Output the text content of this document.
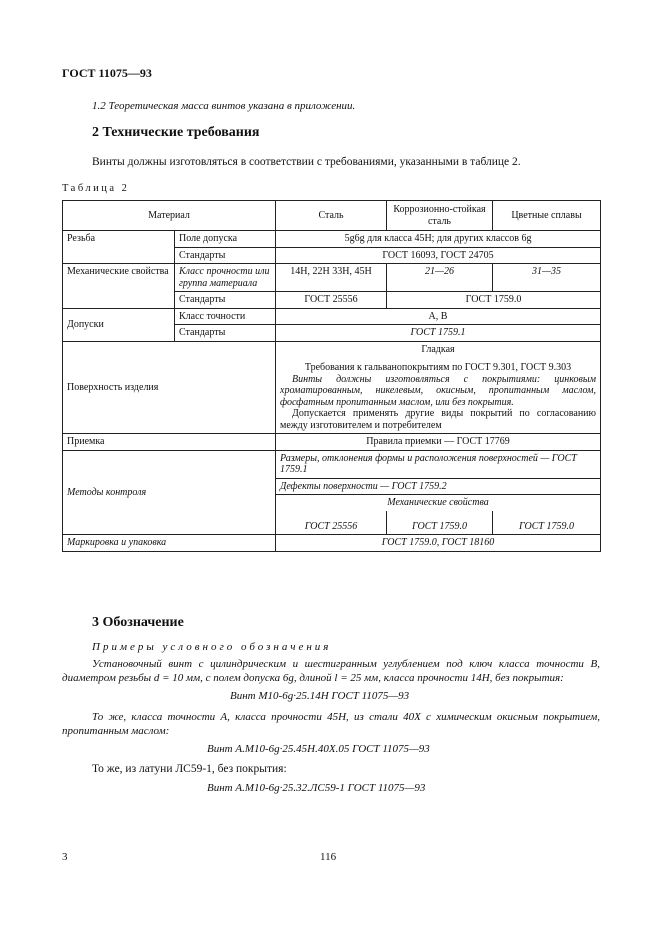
ГОСТ 11075—93
1.2 Теоретическая масса винтов указана в приложении.
2 Технические требования
Винты должны изготовляться в соответствии с требованиями, указанными в таблице 2.
Таблица 2
Материал		Сталь	Коррозионно-стойкая сталь	Цветные сплавы
Резьба	Поле допуска	5g6g для класса 45H; для других классов 6g		
	Стандарты	ГОСТ 16093, ГОСТ 24705		
Механические свойства	Класс прочности или группа материала	14H, 22H 33H, 45H	21—26	31—35
	Стандарты	ГОСТ 25556	ГОСТ 1759.0	
Допуски	Класс точности	А, В		
	Стандарты	ГОСТ 1759.1		
Поверхность изделия		Гладкая
Требования к гальванопокрытиям по ГОСТ 9.301, ГОСТ 9.303
Винты должны изготовляться с покрытиями: цинковым хроматированным, никелевым, окисным, пропитанным маслом, фосфатным пропитанным маслом, или без покрытия.
Допускается применять другие виды покрытий по согласованию между изготовителем и потребителем		

Приемка		Правила приемки — ГОСТ 17769		
Методы контроля		Размеры, отклонения формы и расположения поверхностей — ГОСТ 1759.1		
		Дефекты поверхности — ГОСТ 1759.2		
		Механические свойства		
		ГОСТ 25556	ГОСТ 1759.0	ГОСТ 1759.0
Маркировка и упаковка		ГОСТ 1759.0, ГОСТ 18160		
3 Обозначение
Примеры условного обозначения
Установочный винт с цилиндрическим и шестигранным углублением под ключ класса точности B, диаметром резьбы d = 10 мм, с полем допуска 6g, длиной l = 25 мм, класса прочности 14H, без покрытия:
Винт М10-6g·25.14H ГОСТ 11075—93
То же, класса точности A, класса прочности 45H, из стали 40X с химическим окисным покрытием, пропитанным маслом:
Винт A.M10-6g·25.45H.40X.05 ГОСТ 11075—93
То же, из латуни ЛС59-1, без покрытия:
Винт A.M10-6g·25.32.ЛС59-1 ГОСТ 11075—93
3	116
